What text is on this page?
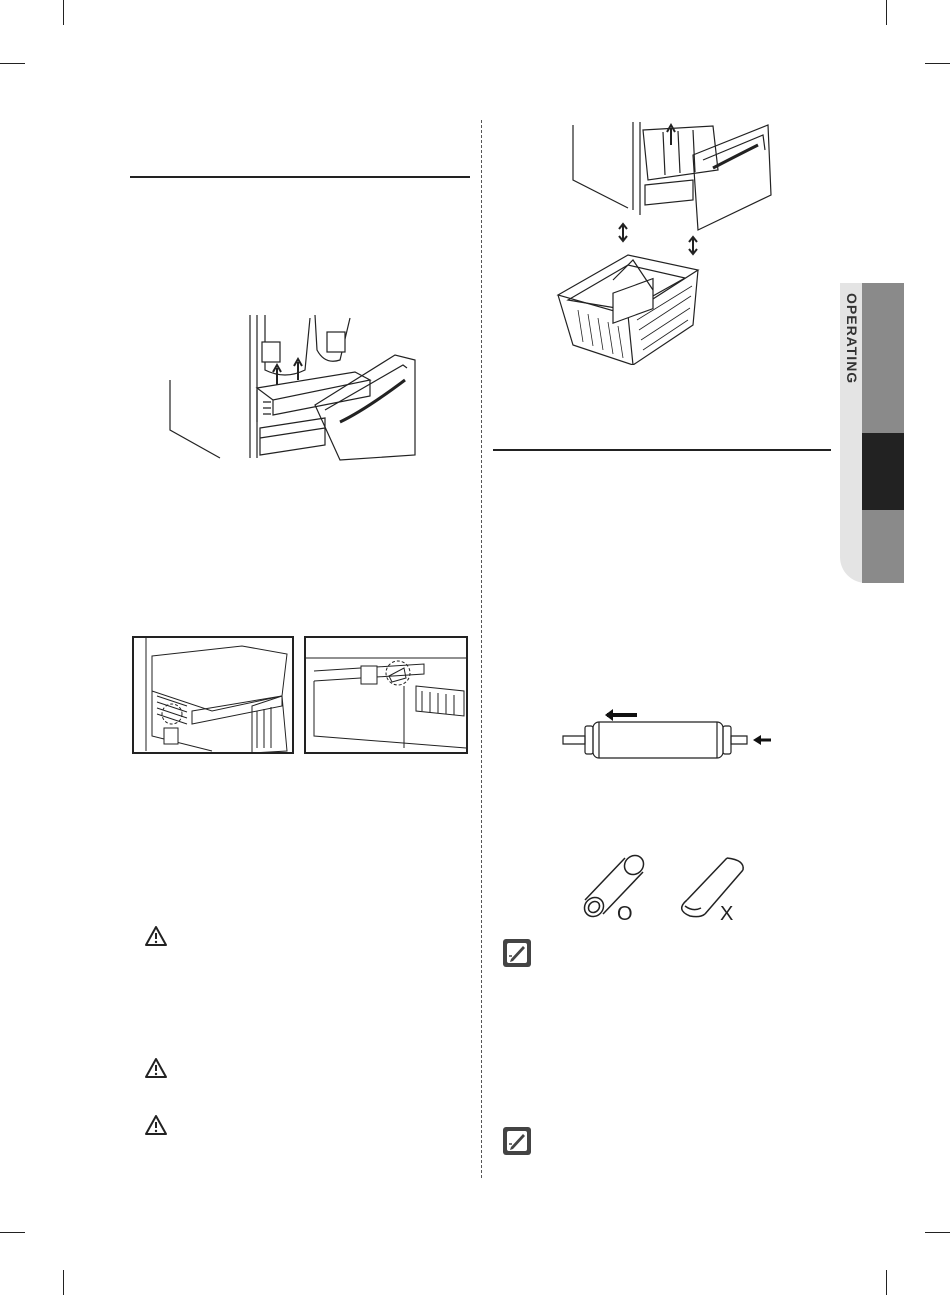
OPERATING
O	X
